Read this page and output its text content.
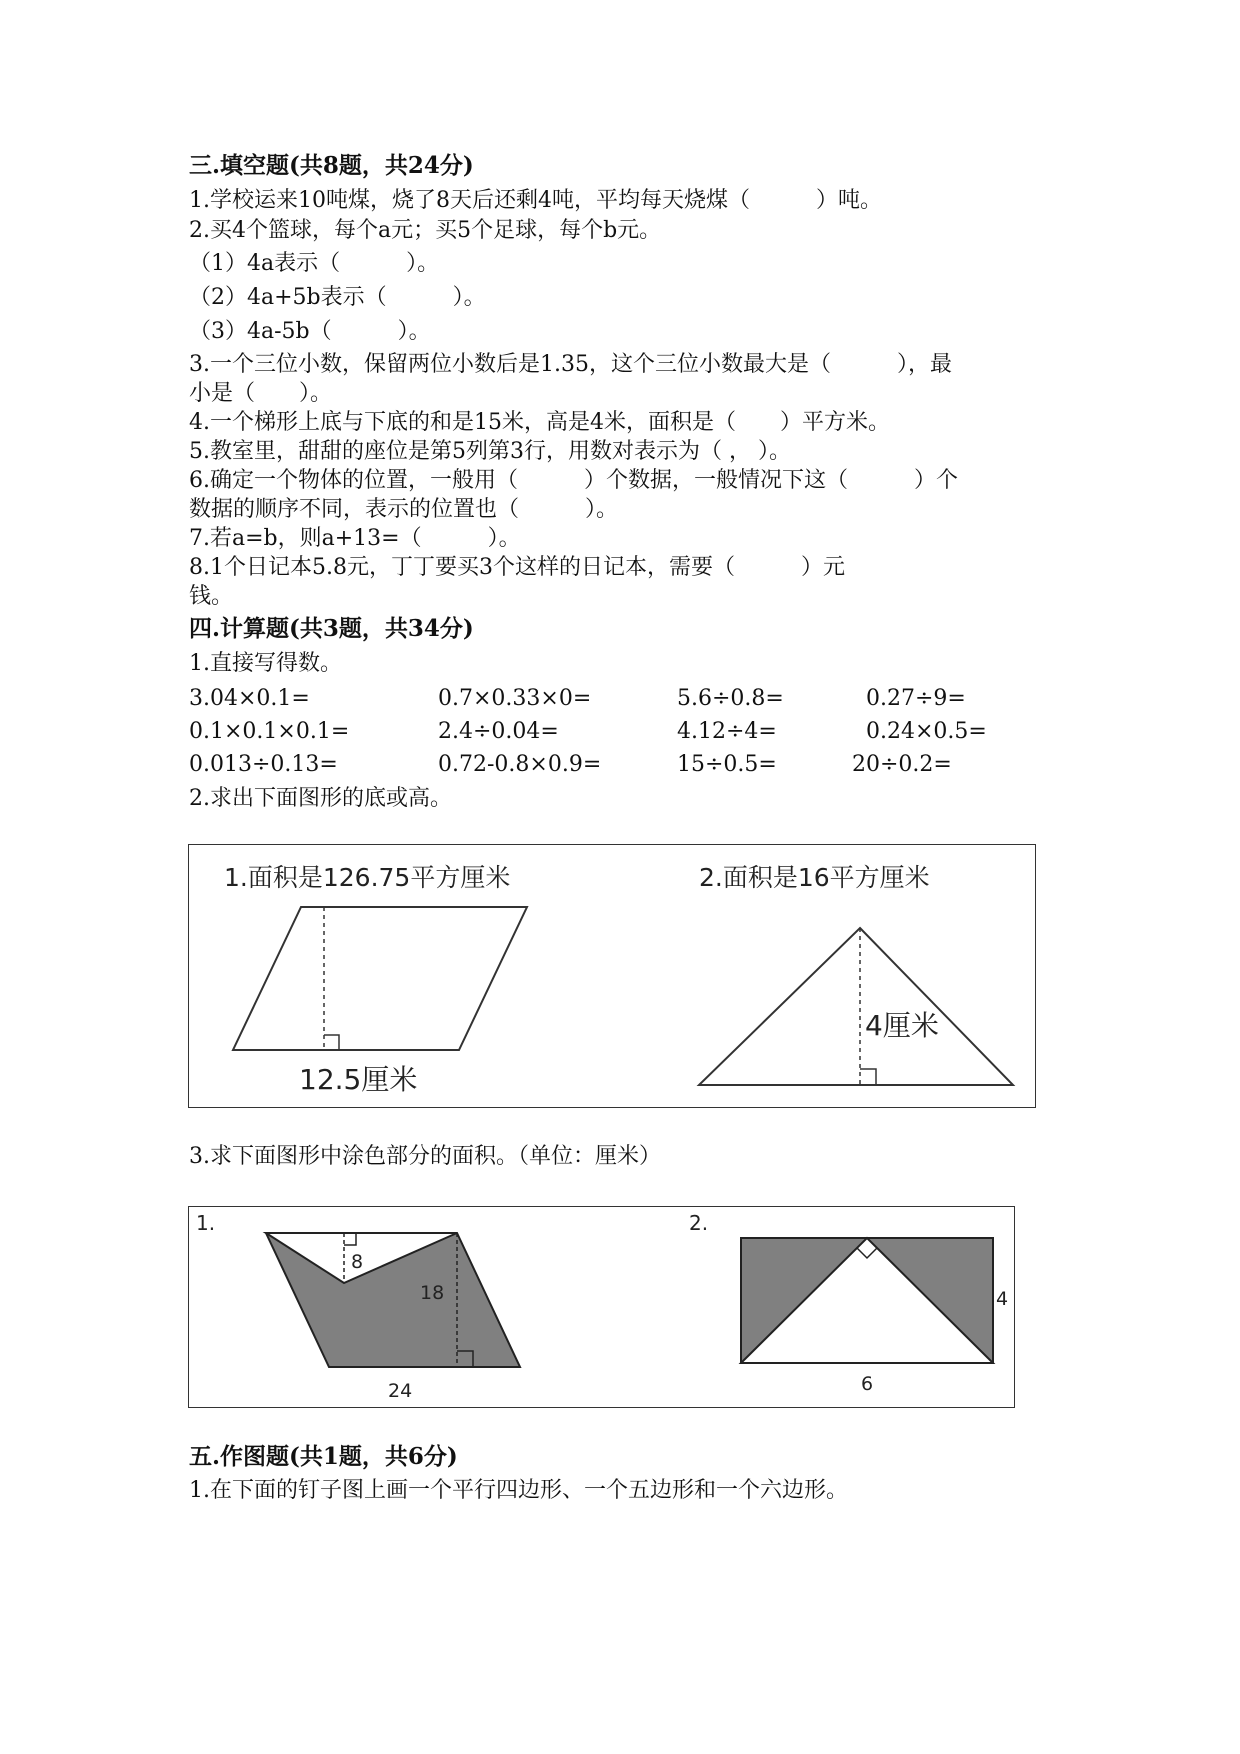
三.填空题(共8题，共24分)
1.学校运来10吨煤，烧了8天后还剩4吨，平均每天烧煤（　　　）吨。
2.买4个篮球，每个a元；买5个足球，每个b元。
（1）4a表示（　　　）。
（2）4a+5b表示（　　　）。
（3）4a-5b（　　　）。
3.一个三位小数，保留两位小数后是1.35，这个三位小数最大是（　　　），最
小是（　　）。
4.一个梯形上底与下底的和是15米，高是4米，面积是（　　）平方米。
5.教室里，甜甜的座位是第5列第3行，用数对表示为（ ， ）。
6.确定一个物体的位置，一般用（　　　）个数据，一般情况下这（　　　）个
数据的顺序不同，表示的位置也（　　　）。
7.若a=b，则a+13=（　　　）。
8.1个日记本5.8元，丁丁要买3个这样的日记本，需要（　　　）元
钱。
四.计算题(共3题，共34分)
1.直接写得数。
3.04×0.1=	0.7×0.33×0=	5.6÷0.8=	0.27÷9=
0.1×0.1×0.1=	2.4÷0.04=	4.12÷4=	0.24×0.5=
0.013÷0.13=	0.72-0.8×0.9=	15÷0.5=	20÷0.2=
2.求出下面图形的底或高。
1.面积是126.75平方厘米
12.5厘米
2.面积是16平方厘米
4厘米
3.求下面图形中涂色部分的面积。（单位：厘米）
1.
8
18
24
2.
4
6
五.作图题(共1题，共6分)
1.在下面的钉子图上画一个平行四边形、一个五边形和一个六边形。
